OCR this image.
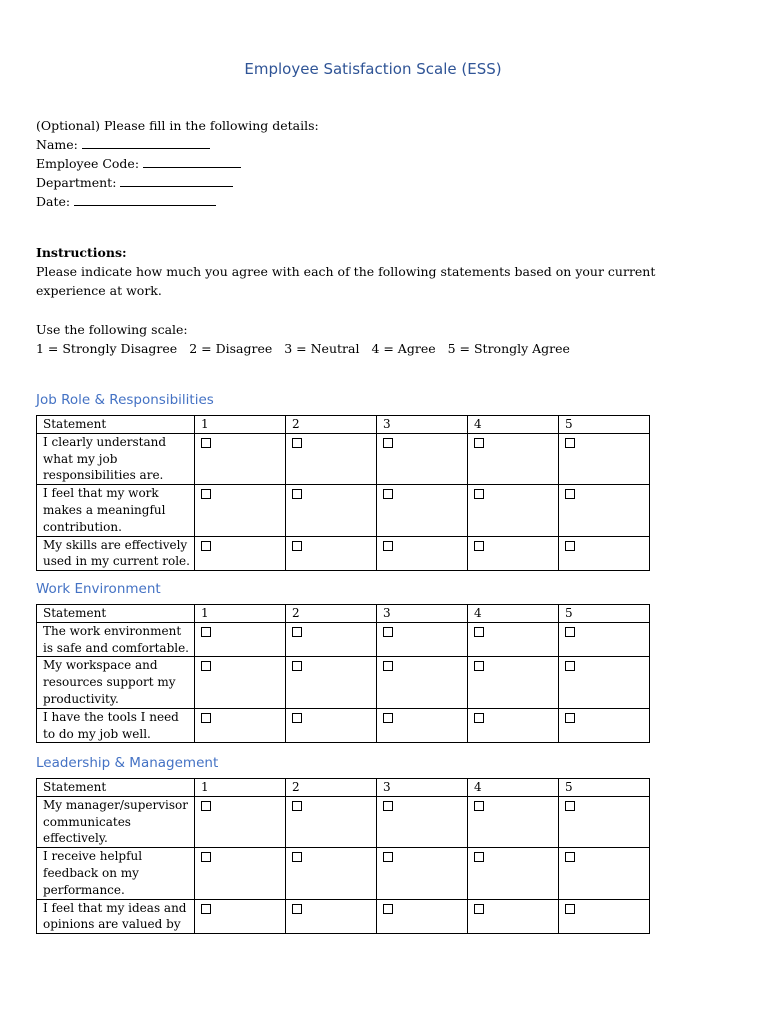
Employee Satisfaction Scale (ESS)
(Optional) Please fill in the following details:
Name:
Employee Code:
Department:
Date:
Instructions:
Please indicate how much you agree with each of the following statements based on your current experience at work.
Use the following scale:
1 = Strongly Disagree 2 = Disagree 3 = Neutral 4 = Agree 5 = Strongly Agree
Job Role & Responsibilities
Statement	1	2	3	4	5
I clearly understand what my job responsibilities are.					
I feel that my work makes a meaningful contribution.					
My skills are effectively used in my current role.					
Work Environment
Statement	1	2	3	4	5
The work environment is safe and comfortable.					
My workspace and resources support my productivity.					
I have the tools I need to do my job well.					
Leadership & Management
Statement	1	2	3	4	5
My manager/supervisor communicates effectively.					
I receive helpful feedback on my performance.					
I feel that my ideas and opinions are valued by					
